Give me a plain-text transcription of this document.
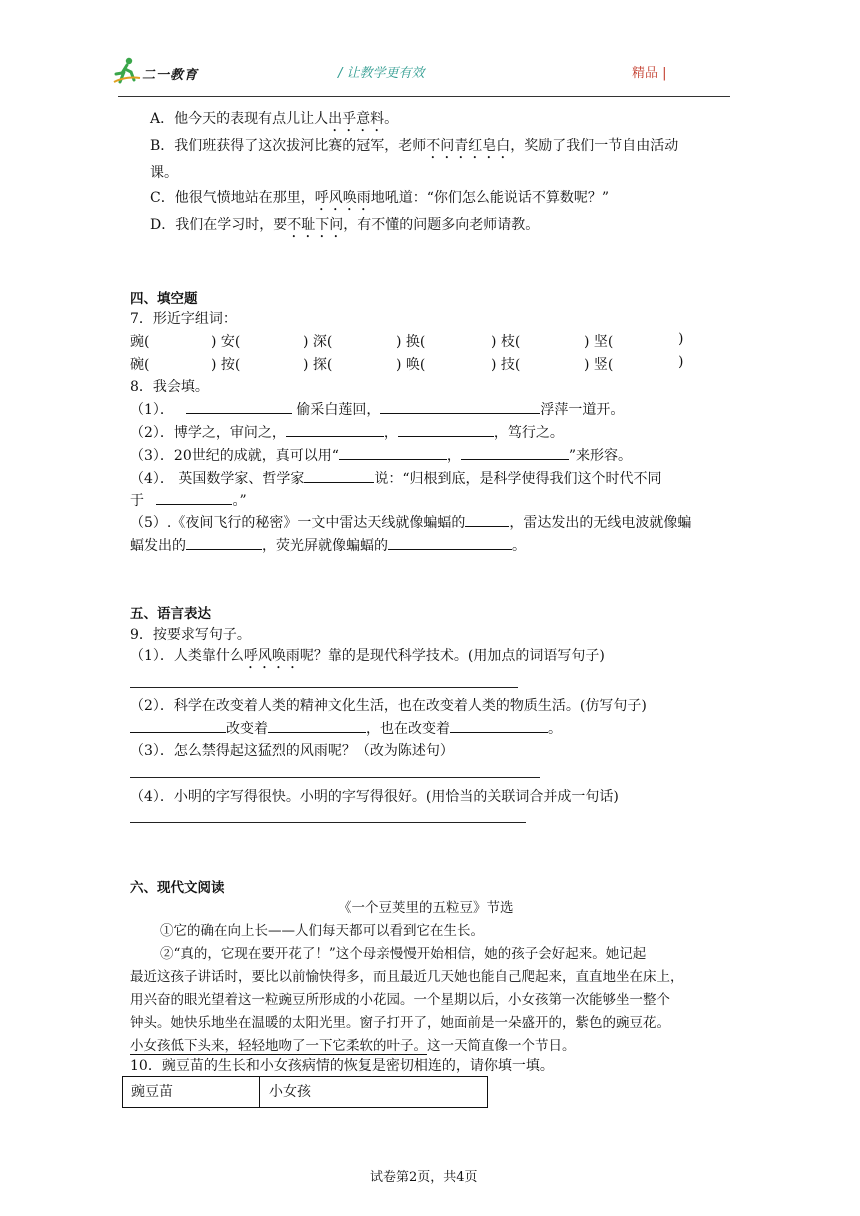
二一教育	/ 让教学更有效	精品 |
A．他今天的表现有点儿让人出乎意料。
B．我们班获得了这次拔河比赛的冠军，老师不问青红皂白，奖励了我们一节自由活动
课。
C．他很气愤地站在那里，呼风唤雨地吼道：“你们怎么能说话不算数呢？”
D．我们在学习时，要不耻下问，有不懂的问题多向老师请教。
四、填空题
7．形近字组词：
豌(	) 安(	) 深(	) 换(	) 枝(	) 坚(	)
碗(	) 按(	) 探(	) 唤(	) 技(	) 竖(	)
8．我会填。
（1）．	偷采白莲回，	浮萍一道开。
（2）．博学之，审问之，	，	，笃行之。
（3）．20世纪的成就，真可以用“	，	”来形容。
（4）． 英国数学家、哲学家	说：“归根到底，是科学使得我们这个时代不同
于	。”
（5）.《夜间飞行的秘密》一文中雷达天线就像蝙蝠的	，雷达发出的无线电波就像蝙
蝠发出的	，荧光屏就像蝙蝠的	。
五、语言表达
9．按要求写句子。
（1）．人类靠什么呼风唤雨呢？靠的是现代科学技术。(用加点的词语写句子)
（2）．科学在改变着人类的精神文化生活，也在改变着人类的物质生活。(仿写句子)
改变着	，也在改变着	。
（3）．怎么禁得起这猛烈的风雨呢？（改为陈述句）
（4）．小明的字写得很快。小明的字写得很好。(用恰当的关联词合并成一句话)
六、现代文阅读
《一个豆荚里的五粒豆》节选
①它的确在向上长——人们每天都可以看到它在生长。
②“真的，它现在要开花了！”这个母亲慢慢开始相信，她的孩子会好起来。她记起
最近这孩子讲话时，要比以前愉快得多，而且最近几天她也能自己爬起来，直直地坐在床上，
用兴奋的眼光望着这一粒豌豆所形成的小花园。一个星期以后，小女孩第一次能够坐一整个
钟头。她快乐地坐在温暖的太阳光里。窗子打开了，她面前是一朵盛开的，紫色的豌豆花。
小女孩低下头来，轻轻地吻了一下它柔软的叶子。这一天简直像一个节日。
10．豌豆苗的生长和小女孩病情的恢复是密切相连的，请你填一填。
豌豆苗	小女孩
试卷第2页，共4页
